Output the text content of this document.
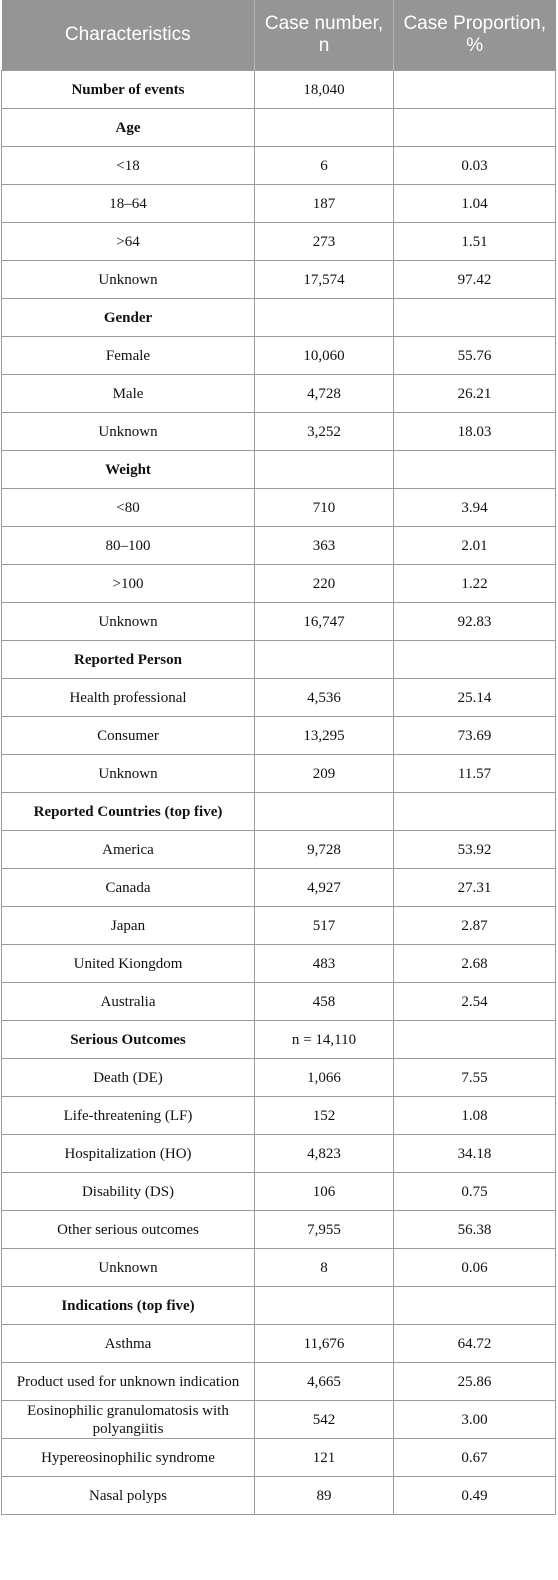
Characteristics	Case number, n	Case Proportion, %
Number of events	18,040	
Age		
<18	6	0.03
18–64	187	1.04
>64	273	1.51
Unknown	17,574	97.42
Gender		
Female	10,060	55.76
Male	4,728	26.21
Unknown	3,252	18.03
Weight		
<80	710	3.94
80–100	363	2.01
>100	220	1.22
Unknown	16,747	92.83
Reported Person		
Health professional	4,536	25.14
Consumer	13,295	73.69
Unknown	209	11.57
Reported Countries (top five)		
America	9,728	53.92
Canada	4,927	27.31
Japan	517	2.87
United Kiongdom	483	2.68
Australia	458	2.54
Serious Outcomes	n = 14,110	
Death (DE)	1,066	7.55
Life-threatening (LF)	152	1.08
Hospitalization (HO)	4,823	34.18
Disability (DS)	106	0.75
Other serious outcomes	7,955	56.38
Unknown	8	0.06
Indications (top five)		
Asthma	11,676	64.72
Product used for unknown indication	4,665	25.86
Eosinophilic granulomatosis with polyangiitis	542	3.00
Hypereosinophilic syndrome	121	0.67
Nasal polyps	89	0.49
